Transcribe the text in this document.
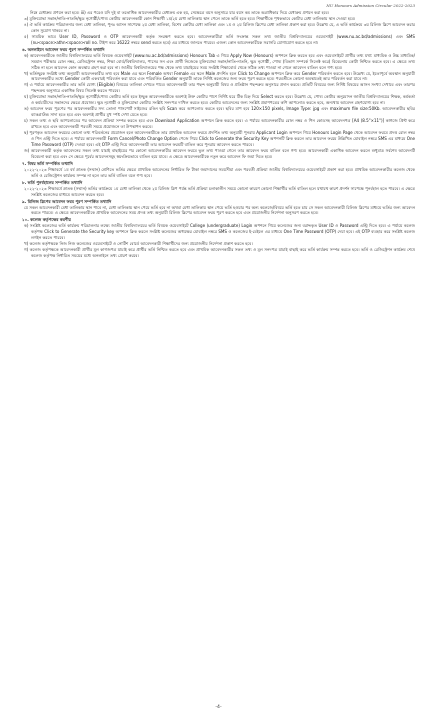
NU Honours Admission Circular 2022-2023

নিম্নে মেধাক্রম প্রণয়ন করা হবে। iii) এর পরেও যদি দুই বা ততোধিক আবেদনকারীর মেধাক্রম এক হয়, সেক্ষেত্রে বয়স অনুসারে যার বয়স কম তাকে অগ্রাধিকার দিয়ে মেধাক্রম প্রণয়ন করা হবে।

৩) মুক্তিযোদ্ধা সন্তান/নাতি-নাতনি/ক্ষুদ্র নৃগোষ্ঠী/পোষ্য কোটায় আবেদনকারী কোন শিক্ষার্থী ১ম/২য় মেধা তালিকায় স্থান পেলে তাকে ভর্তি হতে হবে। শিক্ষার্থীকে পৃথকভাবে কোটার মেধা তালিকায় স্থান দেওয়া হবে।

৪) ঐ ভর্তি কার্যক্রম পরিচালনার জন্য মেধা তালিকা, পুনঃ আসন সাপেক্ষে ২য় মেধা তালিকা, বিশেষ কোটার মেধা তালিকা এবং ১ম ও ২য় রিলিজ স্লিপের মেধা তালিকা প্রকাশ করা হবে। উল্লেখ্য যে, এ ভর্তি কার্যক্রমে ৩য় রিলিজ স্লিপে আবেদন করার কোন সুযোগ থাকবে না।

৫) সাময়িক ভাবে User ID, Password ও OTP আবেদনকারী কর্তৃক সংরক্ষণ করতে হবে। আবেদনকারীরা ভর্তি সংক্রান্ত সকল তথ্য জাতীয় বিশ্ববিদ্যালয়ের ওয়েবসাইট (www.nu.ac.bd/admissions) এবং SMS (nu<space>athn<space>roll no. টাইপ করে 16222 নম্বরে send করতে হবে) এর মাধ্যমে জানতে পারবে। এজন্য কোন আবেদনকারীকে সরাসরি যোগাযোগ করতে হবে না।

৬. অনলাইনে আবেদন ফরম পূরণ সম্পর্কিত তথ্যাদি

ক) আবেদনকারীকে জাতীয় বিশ্ববিদ্যালয়ের ভর্তি বিষয়ক ওয়েবসাইট (www.nu.ac.bd/admissions) Honours Tab এ গিয়ে Apply Now (Honours) অপশনে ক্লিক করতে হবে এবং ওয়েবসাইটে প্রার্থীর তথ্য যথা: মাধ্যমিক ও উচ্চ মাধ্যমিক/সমমান পরীক্ষার রোল নম্বর, রেজিস্ট্রেশন নম্বর, শিক্ষা বোর্ড/বিশ্ববিদ্যালয়, পাসের সন এবং প্রার্থী নিজেকে মুক্তিযোদ্ধা সন্তান/নাতি-নাতনি, ক্ষুদ্র নৃগোষ্ঠী, পোষ্য (বিভাগ সম্পর্কে সিলেক্ট করে) বিবেচনায় কোটা নিশ্চিত করতে হবে। এ ক্ষেত্রে তথ্য সঠিক না হলে আবেদন কোন অবস্থায় গ্রহণ করা হবে না। জাতীয় বিশ্ববিদ্যালয়ের পক্ষ থেকে তথ্য যাচাইয়ের সময় সংশ্লিষ্ট শিক্ষাবোর্ড থেকে সঠিক তথ্য পাওয়া না গেলে আবেদন বাতিল বলে গণ্য হবে।

খ) ভর্তিচ্ছুকে সংশ্লিষ্ট তথ্য অনুযায়ী আবেদনকারীর তথ্য হবে Male এর স্থলে Female অথবা Female এর স্থলে Male প্রদর্শিত হলে Click to Change অপশনে ক্লিক করে Gender পরিবর্তন করতে হবে। উল্লেখ্য যে, ইতোপূর্বে অবস্থান অনুযায়ী আবেদনকারীর তথ্যে Gender কোটা একবারই পরিবর্তন করা যাবে এবং পরিবর্তিত Gender অনুযায়ী তাকে নির্দিষ্ট কলেজের জন্য ফরম পূরণ করতে হবে। পরবর্তীতে কোনো অবস্থাতেই আর পরিবর্তন করা যাবে না।

গ) এ পর্যায়ে আবেদনকারীর তার ভর্তি যোগ্য (Eligible) বিষয়ের তালিকা দেখতে পাবে। আবেদনকারী তার পছন্দ অনুযায়ী বিষয় ও প্রতিষ্ঠান পছন্দক্রম অনুসারে প্রদান করবে। প্রতিটি বিষয়ের জন্য নির্দিষ্ট বিষয়ের আসন সংখ্যা দেখাবে এবং তারপর পছন্দক্রম অনুসারে একাধিক বিষয় সিলেক্ট করতে পারবে।

ঘ) মুক্তিযোদ্ধা সন্তান/নাতি-নাতনি/ক্ষুদ্র নৃগোষ্ঠী/পোষ্য কোটায় ভর্তি হতে ইচ্ছুক আবেদনকারীকে অবশ্যই উক্ত কোটার পাশে নির্দিষ্ট ঘরে টিক চিহ্ন দিয়ে Select করতে হবে। উল্লেখ্য যে, পোষ্য কোটার অনুমোদন জাতীয় বিশ্ববিদ্যালয়ের শিক্ষক, কর্মকর্তা ও কর্মচারীদের সন্তানদের ক্ষেত্রে প্রযোজ্য। ক্ষুদ্র নৃগোষ্ঠী ও মুক্তিযোদ্ধা কোটায় সংশ্লিষ্ট সনদপত্র দাখিল করতে হবে। কোটায় আবেদনের জন্য সংশ্লিষ্ট প্রমাণপত্রের কপি আপলোড করতে হবে, অন্যথায় আবেদন গ্রহণযোগ্য হবে না।

ঙ) আবেদন ফরম পূরণের পর আবেদনকারীর সদ্য তোলা পাসপোর্ট সাইজের রঙিন ছবি Scan করে আপলোড করতে হবে। ছবির মাপ হবে 120×150 pixels, Image Type: jpg এবং maximum file size:50Kb. আবেদনকারীর ছবির ব্যাকগ্রাউন্ড সাদা হতে হবে এবং অবশ্যই প্রার্থীর মুখ স্পষ্ট দেখা যেতে হবে।

চ) সকল তথ্য ও ছবি আপলোডের পর আবেদন প্রক্রিয়া সম্পন্ন করতে হবে এবং Download Application অপশনে ক্লিক করতে হবে। এ পর্যায়ে আবেদনকারীর রোল নম্বর ও পিন কোডসহ আবেদনপত্র [A4 (8.5"×11")] কাগজে প্রিন্ট করে রাখতে হবে এবং আবেদনকারী পরবর্তী সময়ে প্রয়োজনে তা উপস্থাপন করবে।

ছ) পূরণকৃত আবেদন ফরমের কোনো তথ্য পরিবর্তনের প্রয়োজন হলে আবেদনকারীকে তার প্রাথমিক আবেদন ফরমে প্রদর্শিত তথ্য অনুযায়ী পুনরায় Applicant Login অপশনে গিয়ে Honours Login Page থেকে আবেদন ফরমে প্রদত্ত রোল নম্বর ও পিন এন্ট্রি দিতে হবে। এ পর্যায়ে আবেদনকারী Form Cancel/Photo Change Option পেজে গিয়ে Click to Generate the Security Key অপশনটি ক্লিক করলে তার আবেদন ফরমে উল্লিখিত মোবাইল নম্বরে SMS এর মাধ্যমে One Time Password (OTP) দেওয়া হবে। এই OTP এন্ট্রি দিয়ে আবেদনকারী তার আবেদন ফরমটি বাতিল করে পুনরায় আবেদন করতে পারবে।

জ) আবেদনকারী কর্তৃক আবেদনের সকল তথ্য যাচাই বাছাইয়ের পর কোনো আবেদনকারীর আবেদন ফরমে ভুল তথ্য পাওয়া গেলে তার আবেদন ফরম বাতিল বলে গণ্য হবে। আবেদনকারী একাধিক আবেদন করলে শুধুমাত্র সর্বশেষ আবেদনটি বিবেচনা করা হবে এবং সে ক্ষেত্রে পূর্বের আবেদনসমূহ স্বয়ংক্রিয়ভাবে বাতিল হয়ে যাবে। এ ক্ষেত্রে আবেদনকারীকে নতুন করে আবেদন ফি জমা দিতে হবে।

৭. বিষয় ভর্তি সম্পর্কিত তথ্যাদি

২০২২-২০২৩ শিক্ষাবর্ষে ১ম বর্ষ স্নাতক (সম্মান) শ্রেণিতে ভর্তির ক্ষেত্রে প্রাথমিক আবেদনের নির্ধারিত ফি টাকা জমাদানের সময়সীমা এবং পরবর্তী প্রক্রিয়া জাতীয় বিশ্ববিদ্যালয়ের ওয়েবসাইটে প্রকাশ করা হবে। প্রাথমিক আবেদনকারীর কলেজ থেকে ভর্তি ও রেজিস্ট্রেশন কার্যক্রম সম্পন্ন না হলে তার ভর্তি বাতিল বলে গণ্য হবে।

৮. ভর্তি পুনর্বহালের সম্পর্কিত তথ্যাদি

২০২২-২০২৩ শিক্ষাবর্ষে স্নাতক (সম্মান) ভর্তির কার্যক্রমে ১ম মেধা তালিকা থেকে ২য় রিলিজ স্লিপ পর্যন্ত ভর্তি প্রক্রিয়া চলাকালীন সময়ে কোনো কারণে কোনো শিক্ষার্থীর ভর্তি বাতিল হলে যথাযথ কারণ প্রদর্শন সাপেক্ষে পুনর্বহাল হতে পারবে। এ ক্ষেত্রে সংশ্লিষ্ট কলেজের মাধ্যমে আবেদন করতে হবে।

৯. রিলিজ স্লিপের আবেদন ফরম পূরণ সম্পর্কিত তথ্যাদি

যে সকল আবেদনকারী মেধা তালিকায় স্থান পাবে না, মেধা তালিকায় স্থান পেয়ে ভর্তি হবে না অথবা মেধা তালিকায় স্থান পেয়ে ভর্তি হওয়ার পর অন্য কলেজে/বিষয়ে ভর্তি হতে চায় সে সকল আবেদনকারী রিলিজ স্লিপের মাধ্যমে ভর্তির জন্য আবেদন করতে পারবে। এ ক্ষেত্রে আবেদনকারীকে প্রাথমিক আবেদনের সময় প্রদত্ত তথ্য অনুযায়ী রিলিজ স্লিপের আবেদন ফরম পূরণ করতে হবে এবং প্রয়োজনীয় নির্দেশনা অনুসরণ করতে হবে।

১০. কলেজ কর্তৃপক্ষের করণীয়

ক) সংশ্লিষ্ট কলেজের ভর্তি কার্যক্রম পরিচালনার লক্ষ্যে জাতীয় বিশ্ববিদ্যালয়ের ভর্তি বিষয়ক ওয়েবসাইটে College (undergraduate) Login অপশনে গিয়ে কলেজের জন্য বরাদ্দকৃত User ID ও Password এন্ট্রি দিতে হবে। এ পর্যায়ে কলেজ কর্তৃপক্ষ Click to Generate the Security key অপশনে ক্লিক করলে সংশ্লিষ্ট কলেজের অধ্যক্ষের মোবাইল নম্বরে SMS ও কলেজের ই-মেইলে এর মাধ্যমে One Time Password (OTP) দেয়া হবে। এই OTP ব্যবহার করে সংশ্লিষ্ট কলেজ লগইন করতে পারবে।

খ) কলেজ কর্তৃপক্ষকে নিজ নিজ কলেজের ওয়েবসাইটে ও নোটিশ বোর্ডে আবেদনকারী শিক্ষার্থীদের জন্য প্রয়োজনীয় নির্দেশনা প্রকাশ করতে হবে।

গ) কলেজ কর্তৃপক্ষকে আবেদনকারী প্রার্থীর মূল কাগজপত্র যাচাই করে প্রার্থীর ভর্তি নিশ্চিত করতে হবে এবং প্রাথমিক আবেদনকারীর সকল তথ্য ও মূল সনদপত্র যাচাই বাছাই করে ভর্তি কার্যক্রম সম্পন্ন করতে হবে। ভর্তি ও রেজিস্ট্রেশন কার্যক্রম শেষে কলেজ কর্তৃপক্ষ নির্ধারিত সময়ের মধ্যে অনলাইনে তথ্য প্রেরণ করবে।

-4-
